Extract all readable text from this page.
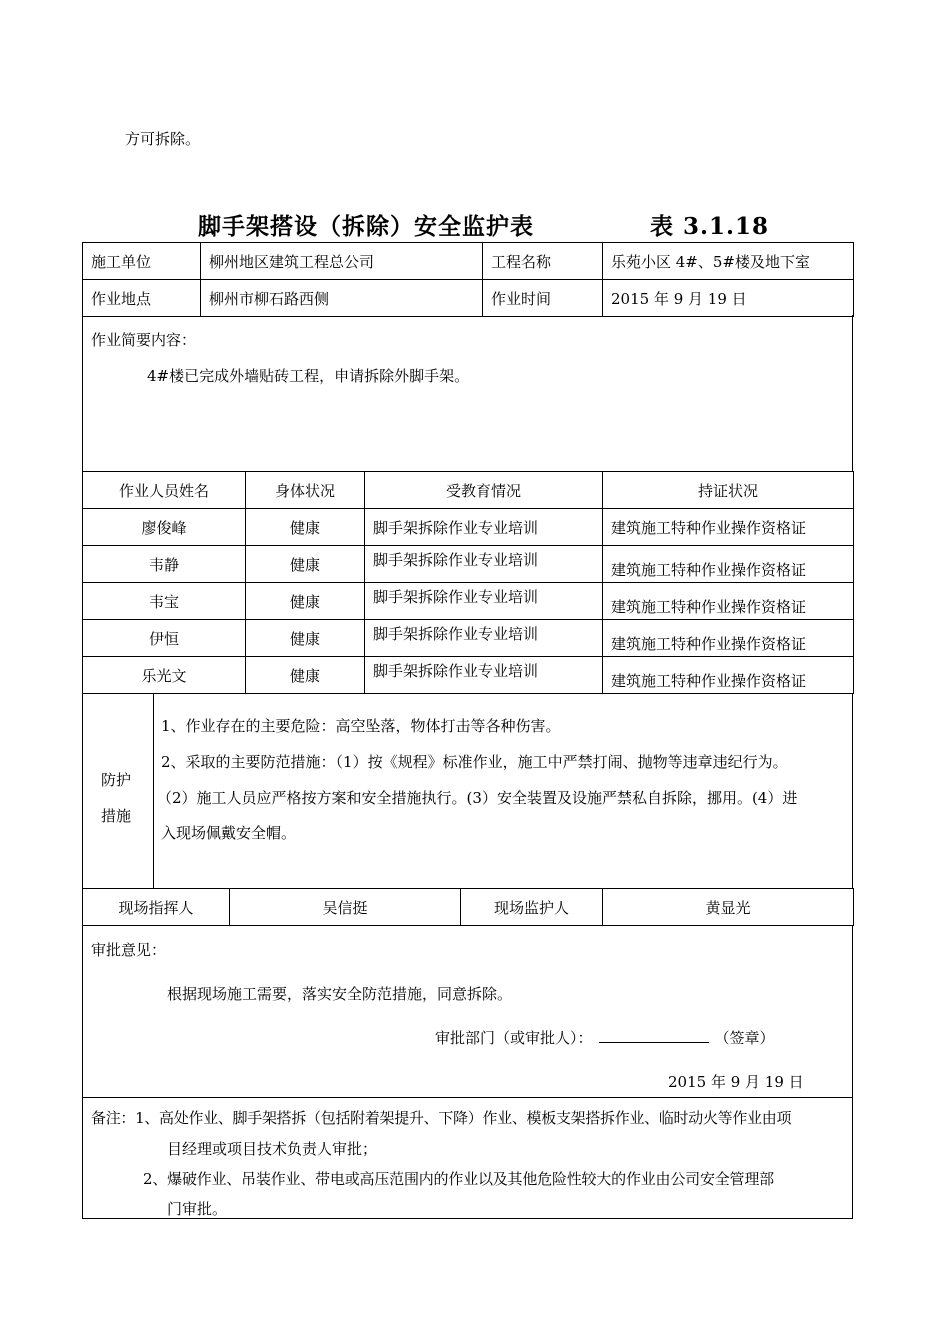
方可拆除。
脚手架搭设（拆除）安全监护表	表 3.1.18
施工单位	柳州地区建筑工程总公司	工程名称	乐苑小区 4#、5#楼及地下室
作业地点	柳州市柳石路西侧	作业时间	2015 年 9 月 19 日
作业简要内容：
4#楼已完成外墙贴砖工程，申请拆除外脚手架。
作业人员姓名	身体状况	受教育情况	持证状况
廖俊峰	健康	脚手架拆除作业专业培训	建筑施工特种作业操作资格证
韦静	健康	脚手架拆除作业专业培训	建筑施工特种作业操作资格证
韦宝	健康	脚手架拆除作业专业培训	建筑施工特种作业操作资格证
伊恒	健康	脚手架拆除作业专业培训	建筑施工特种作业操作资格证
乐光文	健康	脚手架拆除作业专业培训	建筑施工特种作业操作资格证
防护
措施
1、作业存在的主要危险：高空坠落，物体打击等各种伤害。
2、采取的主要防范措施：（1）按《规程》标准作业，施工中严禁打闹、抛物等违章违纪行为。
（2）施工人员应严格按方案和安全措施执行。(3）安全装置及设施严禁私自拆除，挪用。(4）进
入现场佩戴安全帽。
现场指挥人	吴信挺	现场监护人	黄显光
审批意见：
根据现场施工需要，落实安全防范措施，同意拆除。
审批部门（或审批人）：	（签章）
2015 年 9 月 19 日
备注：1、高处作业、脚手架搭拆（包括附着架提升、下降）作业、模板支架搭拆作业、临时动火等作业由项
目经理或项目技术负责人审批；
2、爆破作业、吊装作业、带电或高压范围内的作业以及其他危险性较大的作业由公司安全管理部
门审批。
